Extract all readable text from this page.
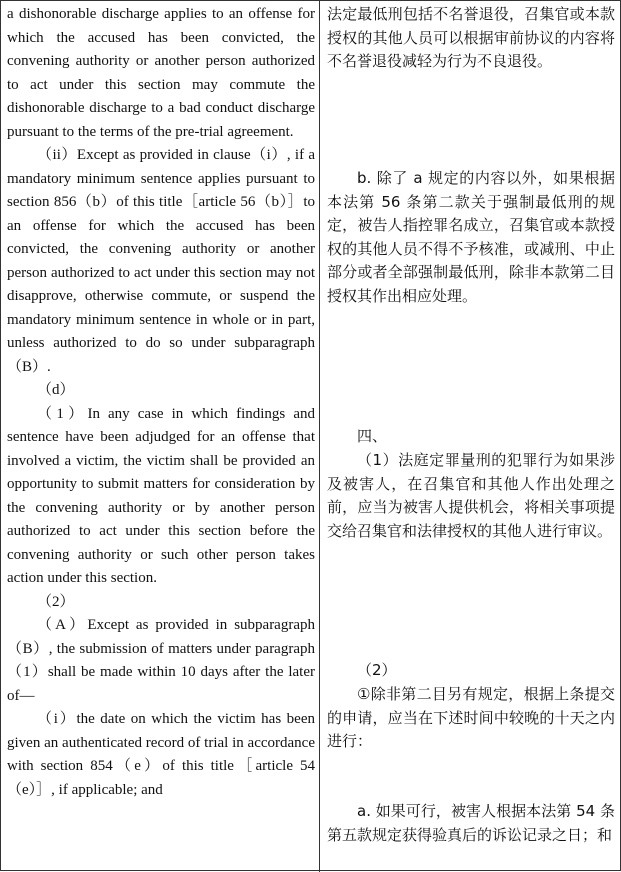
a dishonorable discharge applies to an offense for which the accused has been convicted, the convening authority or another person authorized to act under this section may commute the dishonorable discharge to a bad conduct discharge pursuant to the terms of the pre-trial agreement.

（ii）Except as provided in clause（i）, if a mandatory minimum sentence applies pursuant to section 856（b）of this title［article 56（b）］to an offense for which the accused has been convicted, the convening authority or another person authorized to act under this section may not disapprove, otherwise commute, or suspend the mandatory minimum sentence in whole or in part, unless authorized to do so under subparagraph（B）.

（d）

（1）In any case in which findings and sentence have been adjudged for an offense that involved a victim, the victim shall be provided an opportunity to submit matters for consideration by the convening authority or by another person authorized to act under this section before the convening authority or such other person takes action under this section.

（2）

（A）Except as provided in subparagraph（B）, the submission of matters under paragraph（1）shall be made within 10 days after the later of—

（i）the date on which the victim has been given an authenticated record of trial in accordance with section 854（e）of this title［article 54（e）］, if applicable; and

法定最低刑包括不名誉退役，召集官或本款授权的其他人员可以根据审前协议的内容将不名誉退役减轻为行为不良退役。

b. 除了 a 规定的内容以外，如果根据本法第 56 条第二款关于强制最低刑的规定，被告人指控罪名成立，召集官或本款授权的其他人员不得不予核准，或减刑、中止部分或者全部强制最低刑，除非本款第二目授权其作出相应处理。

四、

（1）法庭定罪量刑的犯罪行为如果涉及被害人，在召集官和其他人作出处理之前，应当为被害人提供机会，将相关事项提交给召集官和法律授权的其他人进行审议。

（2）

①除非第二目另有规定，根据上条提交的申请，应当在下述时间中较晚的十天之内进行：

a. 如果可行，被害人根据本法第 54 条第五款规定获得验真后的诉讼记录之日；和
